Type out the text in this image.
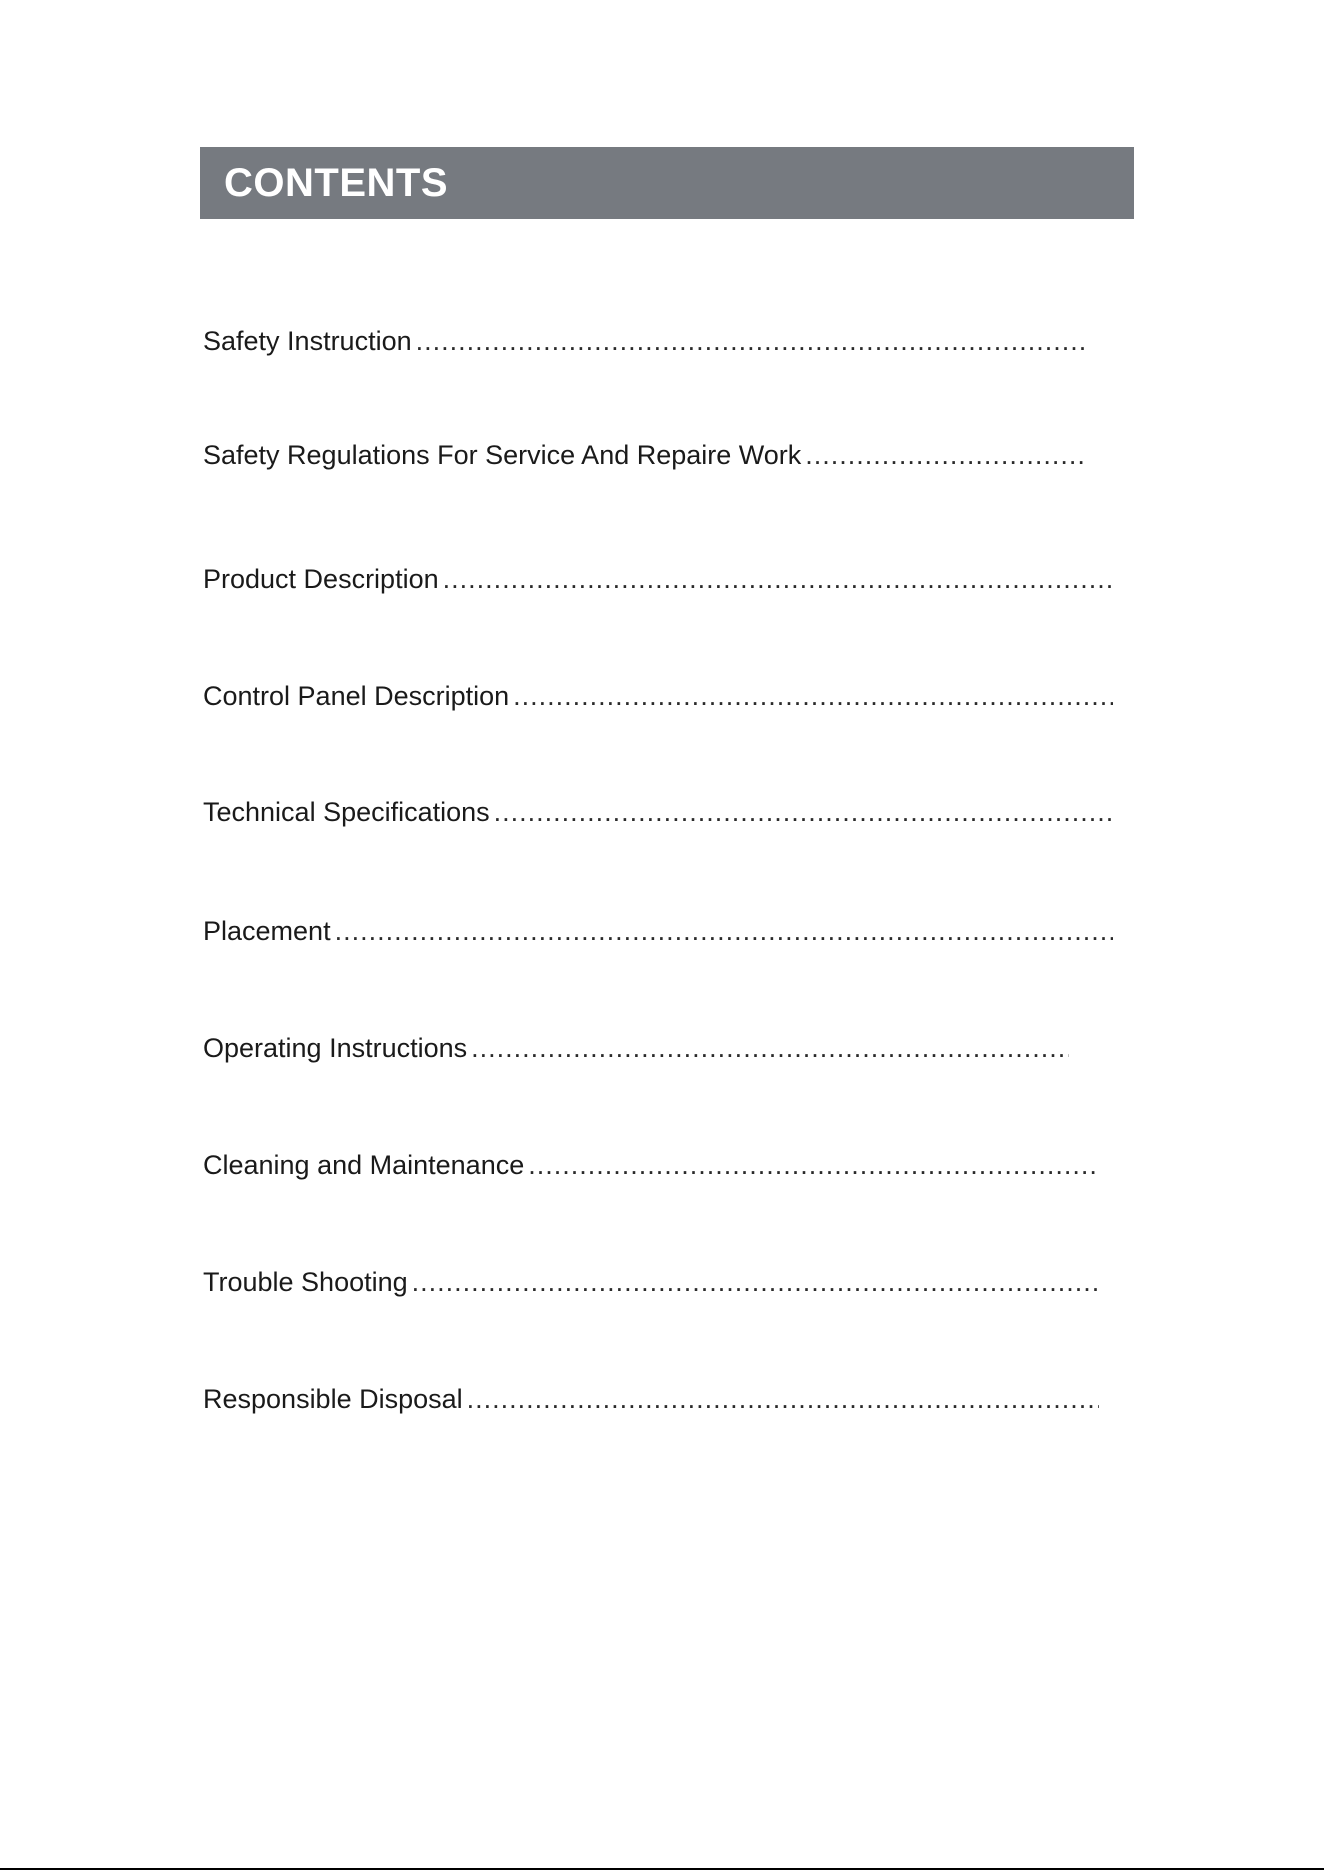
CONTENTS
Safety Instruction
.....
Safety Regulations For Service And Repaire Work
.....
Product Description
.....
Control Panel Description
.....
Technical Specifications
.....
Placement
.....
Operating Instructions
.....
Cleaning and Maintenance
.....
Trouble Shooting
.....
Responsible Disposal
.....
